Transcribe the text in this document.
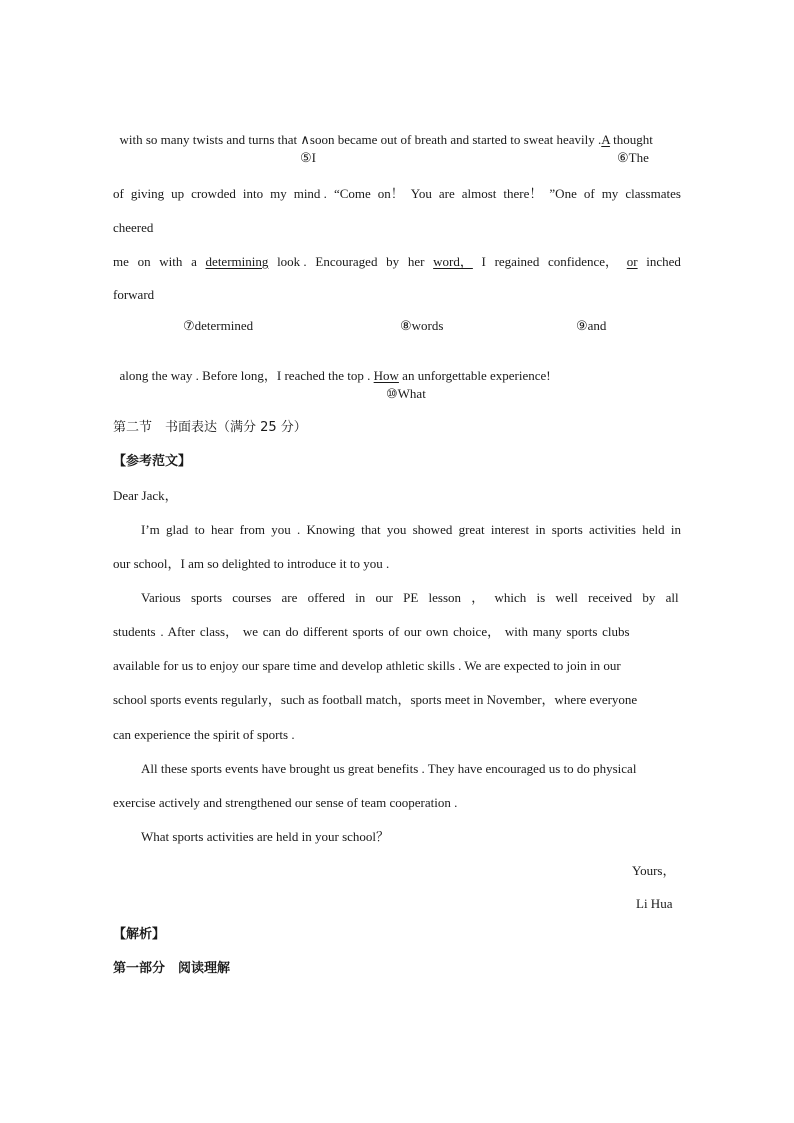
with so many twists and turns that ∧soon became out of breath and started to sweat heavily .A thought

⑤I	⑥The
of giving up crowded into my mind . “Come on！ You are almost there！ ”One of my classmates
cheered
me on with a determining look . Encouraged by her word， I regained confidence， or inched
forward
⑦determined	⑧words	⑨and

along the way . Before long，I reached the top . How an unforgettable experience!

⑩What
第二节　书面表达（满分 25 分）
【参考范文】
Dear Jack，
I’m glad to hear from you . Knowing that you showed great interest in sports activities held in
our school，I am so delighted to introduce it to you .
Various sports courses are offered in our PE lesson ， which is well received by all
students . After class， we can do different sports of our own choice， with many sports clubs
available for us to enjoy our spare time and develop athletic skills . We are expected to join in our
school sports events regularly，such as football match，sports meet in November，where everyone
can experience the spirit of sports .
All these sports events have brought us great benefits . They have encouraged us to do physical
exercise actively and strengthened our sense of team cooperation .
What sports activities are held in your school？
Yours，
Li Hua
【解析】
第一部分　阅读理解
